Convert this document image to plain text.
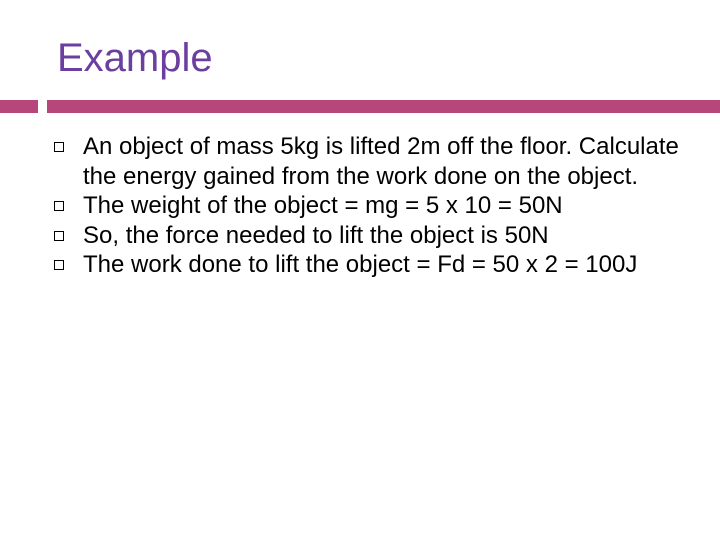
Example
An object of mass 5kg is lifted 2m off the floor. Calculate the energy gained from the work done on the object.
The weight of the object = mg = 5 x 10 = 50N
So, the force needed to lift the object is 50N
The work done to lift the object = Fd = 50 x 2 = 100J
